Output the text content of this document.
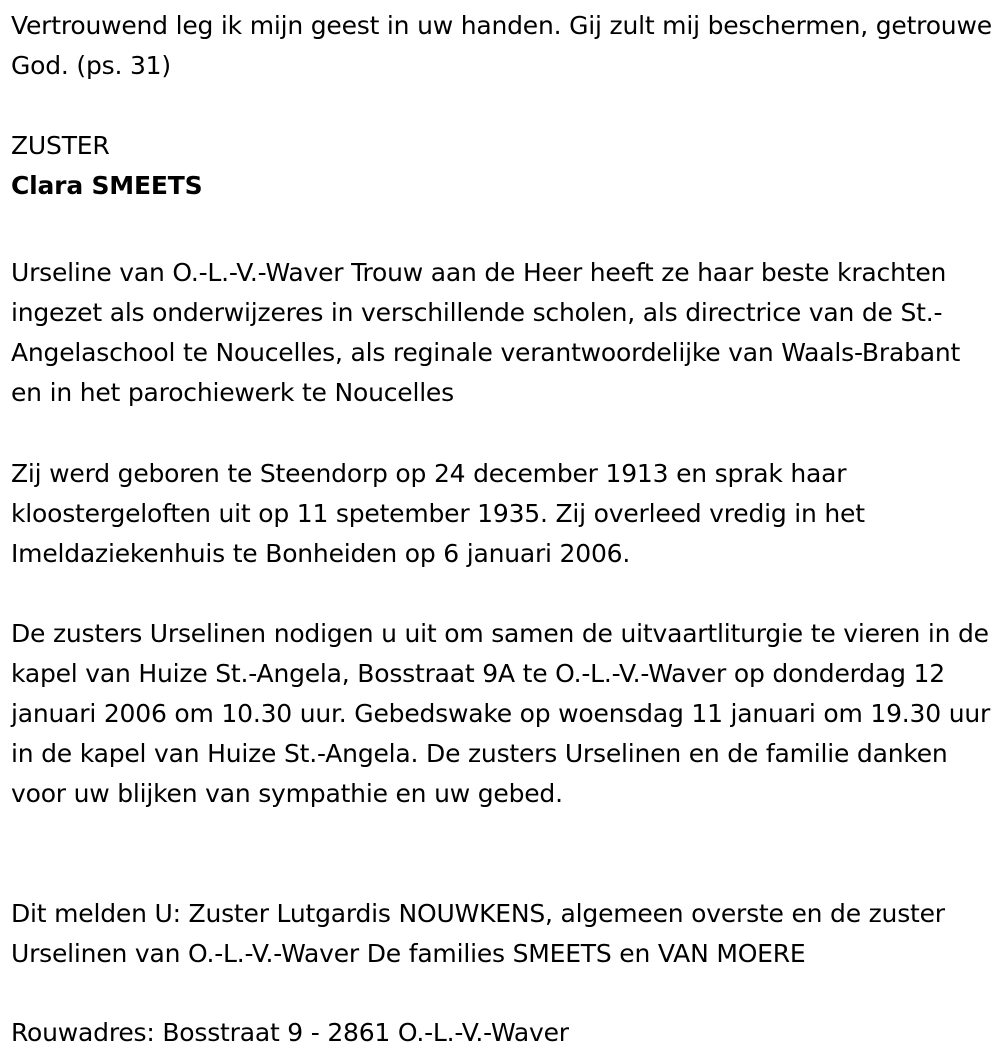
Vertrouwend leg ik mijn geest in uw handen. Gij zult mij beschermen, getrouwe God. (ps. 31)

ZUSTER

Clara SMEETS

Urseline van O.-L.-V.-Waver Trouw aan de Heer heeft ze haar beste krachten ingezet als onderwijzeres in verschillende scholen, als directrice van de St.-Angelaschool te Noucelles, als reginale verantwoordelijke van Waals-Brabant en in het parochiewerk te Noucelles

Zij werd geboren te Steendorp op 24 december 1913 en sprak haar kloostergeloften uit op 11 spetember 1935. Zij overleed vredig in het Imeldaziekenhuis te Bonheiden op 6 januari 2006.

De zusters Urselinen nodigen u uit om samen de uitvaartliturgie te vieren in de kapel van Huize St.-Angela, Bosstraat 9A te O.-L.-V.-Waver op donderdag 12 januari 2006 om 10.30 uur. Gebedswake op woensdag 11 januari om 19.30 uur in de kapel van Huize St.-Angela. De zusters Urselinen en de familie danken voor uw blijken van sympathie en uw gebed.

Dit melden U: Zuster Lutgardis NOUWKENS, algemeen overste en de zuster Urselinen van O.-L.-V.-Waver De families SMEETS en VAN MOERE

Rouwadres: Bosstraat 9 - 2861 O.-L.-V.-Waver
